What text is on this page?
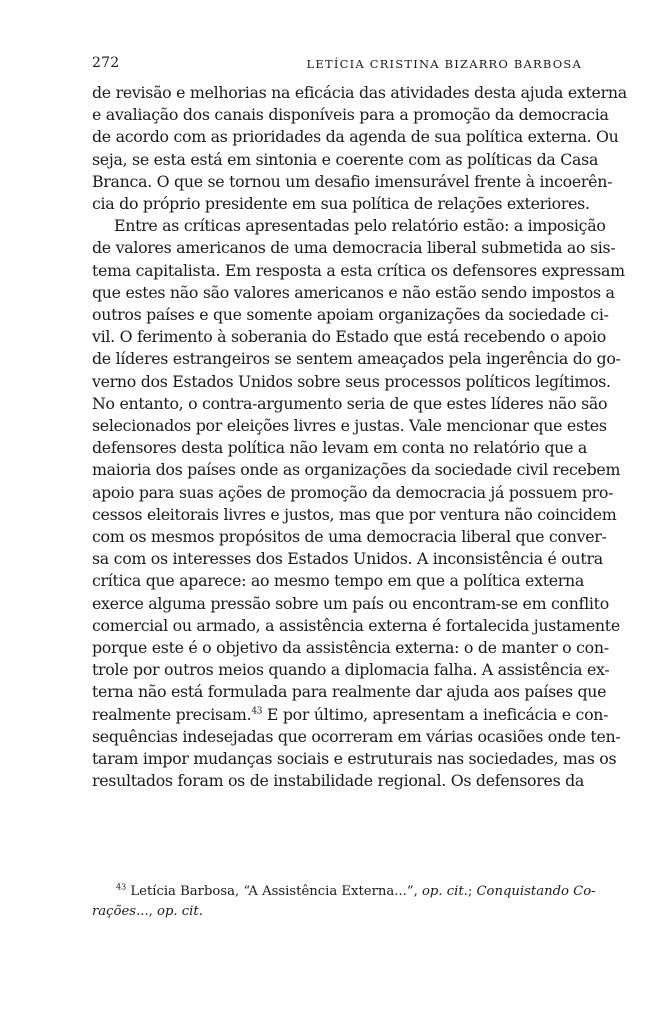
272	LETÍCIA CRISTINA BIZARRO BARBOSA

de revisão e melhorias na eficácia das atividades desta ajuda externa
e avaliação dos canais disponíveis para a promoção da democracia
de acordo com as prioridades da agenda de sua política externa. Ou
seja, se esta está em sintonia e coerente com as políticas da Casa
Branca. O que se tornou um desafio imensurável frente à incoerên-
cia do próprio presidente em sua política de relações exteriores.

Entre as críticas apresentadas pelo relatório estão: a imposição
de valores americanos de uma democracia liberal submetida ao sis-
tema capitalista. Em resposta a esta crítica os defensores expressam
que estes não são valores americanos e não estão sendo impostos a
outros países e que somente apoiam organizações da sociedade ci-
vil. O ferimento à soberania do Estado que está recebendo o apoio
de líderes estrangeiros se sentem ameaçados pela ingerência do go-
verno dos Estados Unidos sobre seus processos políticos legítimos.
No entanto, o contra-argumento seria de que estes líderes não são
selecionados por eleições livres e justas. Vale mencionar que estes
defensores desta política não levam em conta no relatório que a
maioria dos países onde as organizações da sociedade civil recebem
apoio para suas ações de promoção da democracia já possuem pro-
cessos eleitorais livres e justos, mas que por ventura não coincidem
com os mesmos propósitos de uma democracia liberal que conver-
sa com os interesses dos Estados Unidos. A inconsistência é outra
crítica que aparece: ao mesmo tempo em que a política externa
exerce alguma pressão sobre um país ou encontram-se em conflito
comercial ou armado, a assistência externa é fortalecida justamente
porque este é o objetivo da assistência externa: o de manter o con-
trole por outros meios quando a diplomacia falha. A assistência ex-
terna não está formulada para realmente dar ajuda aos países que
realmente precisam.$^{43}$ E por último, apresentam a ineficácia e con-
sequências indesejadas que ocorreram em várias ocasiões onde ten-
taram impor mudanças sociais e estruturais nas sociedades, mas os
resultados foram os de instabilidade regional. Os defensores da

$^{43}$ Letícia Barbosa, “A Assistência Externa...”, op. cit.; Conquistando Co-
rações..., op. cit.
